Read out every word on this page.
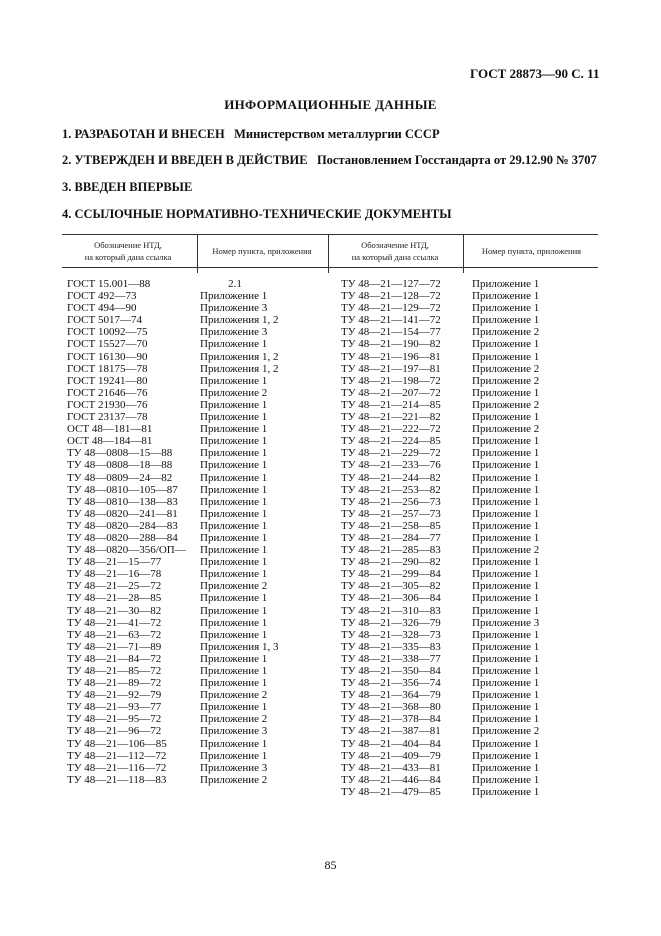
ГОСТ 28873—90 С. 11
ИНФОРМАЦИОННЫЕ ДАННЫЕ
1. РАЗРАБОТАН И ВНЕСЕН Министерством металлургии СССР
2. УТВЕРЖДЕН И ВВЕДЕН В ДЕЙСТВИЕ Постановлением Госстандарта от 29.12.90 № 3707
3. ВВЕДЕН ВПЕРВЫЕ
4. ССЫЛОЧНЫЕ НОРМАТИВНО-ТЕХНИЧЕСКИЕ ДОКУМЕНТЫ
Обозначение НТД,
на который дана ссылка
Номер пункта, приложения
Обозначение НТД,
на который дана ссылка
Номер пункта, приложения
ГОСТ 15.001—88
ГОСТ 492—73
ГОСТ 494—90
ГОСТ 5017—74
ГОСТ 10092—75
ГОСТ 15527—70
ГОСТ 16130—90
ГОСТ 18175—78
ГОСТ 19241—80
ГОСТ 21646—76
ГОСТ 21930—76
ГОСТ 23137—78
ОСТ 48—181—81
ОСТ 48—184—81
ТУ 48—0808—15—88
ТУ 48—0808—18—88
ТУ 48—0809—24—82
ТУ 48—0810—105—87
ТУ 48—0810—138—83
ТУ 48—0820—241—81
ТУ 48—0820—284—83
ТУ 48—0820—288—84
ТУ 48—0820—356/ОП—
ТУ 48—21—15—77
ТУ 48—21—16—78
ТУ 48—21—25—72
ТУ 48—21—28—85
ТУ 48—21—30—82
ТУ 48—21—41—72
ТУ 48—21—63—72
ТУ 48—21—71—89
ТУ 48—21—84—72
ТУ 48—21—85—72
ТУ 48—21—89—72
ТУ 48—21—92—79
ТУ 48—21—93—77
ТУ 48—21—95—72
ТУ 48—21—96—72
ТУ 48—21—106—85
ТУ 48—21—112—72
ТУ 48—21—116—72
ТУ 48—21—118—83
2.1
Приложение 1
Приложение 3
Приложения 1, 2
Приложение 3
Приложение 1
Приложения 1, 2
Приложения 1, 2
Приложение 1
Приложение 2
Приложение 1
Приложение 1
Приложение 1
Приложение 1
Приложение 1
Приложение 1
Приложение 1
Приложение 1
Приложение 1
Приложение 1
Приложение 1
Приложение 1
Приложение 1
Приложение 1
Приложение 1
Приложение 2
Приложение 1
Приложение 1
Приложение 1
Приложение 1
Приложения 1, 3
Приложение 1
Приложение 1
Приложение 1
Приложение 2
Приложение 1
Приложение 2
Приложение 3
Приложение 1
Приложение 1
Приложение 3
Приложение 2
ТУ 48—21—127—72
ТУ 48—21—128—72
ТУ 48—21—129—72
ТУ 48—21—141—72
ТУ 48—21—154—77
ТУ 48—21—190—82
ТУ 48—21—196—81
ТУ 48—21—197—81
ТУ 48—21—198—72
ТУ 48—21—207—72
ТУ 48—21—214—85
ТУ 48—21—221—82
ТУ 48—21—222—72
ТУ 48—21—224—85
ТУ 48—21—229—72
ТУ 48—21—233—76
ТУ 48—21—244—82
ТУ 48—21—253—82
ТУ 48—21—256—73
ТУ 48—21—257—73
ТУ 48—21—258—85
ТУ 48—21—284—77
ТУ 48—21—285—83
ТУ 48—21—290—82
ТУ 48—21—299—84
ТУ 48—21—305—82
ТУ 48—21—306—84
ТУ 48—21—310—83
ТУ 48—21—326—79
ТУ 48—21—328—73
ТУ 48—21—335—83
ТУ 48—21—338—77
ТУ 48—21—350—84
ТУ 48—21—356—74
ТУ 48—21—364—79
ТУ 48—21—368—80
ТУ 48—21—378—84
ТУ 48—21—387—81
ТУ 48—21—404—84
ТУ 48—21—409—79
ТУ 48—21—433—81
ТУ 48—21—446—84
ТУ 48—21—479—85
Приложение 1
Приложение 1
Приложение 1
Приложение 1
Приложение 2
Приложение 1
Приложение 1
Приложение 2
Приложение 2
Приложение 1
Приложение 2
Приложение 1
Приложение 2
Приложение 1
Приложение 1
Приложение 1
Приложение 1
Приложение 1
Приложение 1
Приложение 1
Приложение 1
Приложение 1
Приложение 2
Приложение 1
Приложение 1
Приложение 1
Приложение 1
Приложение 1
Приложение 3
Приложение 1
Приложение 1
Приложение 1
Приложение 1
Приложение 1
Приложение 1
Приложение 1
Приложение 1
Приложение 2
Приложение 1
Приложение 1
Приложение 1
Приложение 1
Приложение 1
85
